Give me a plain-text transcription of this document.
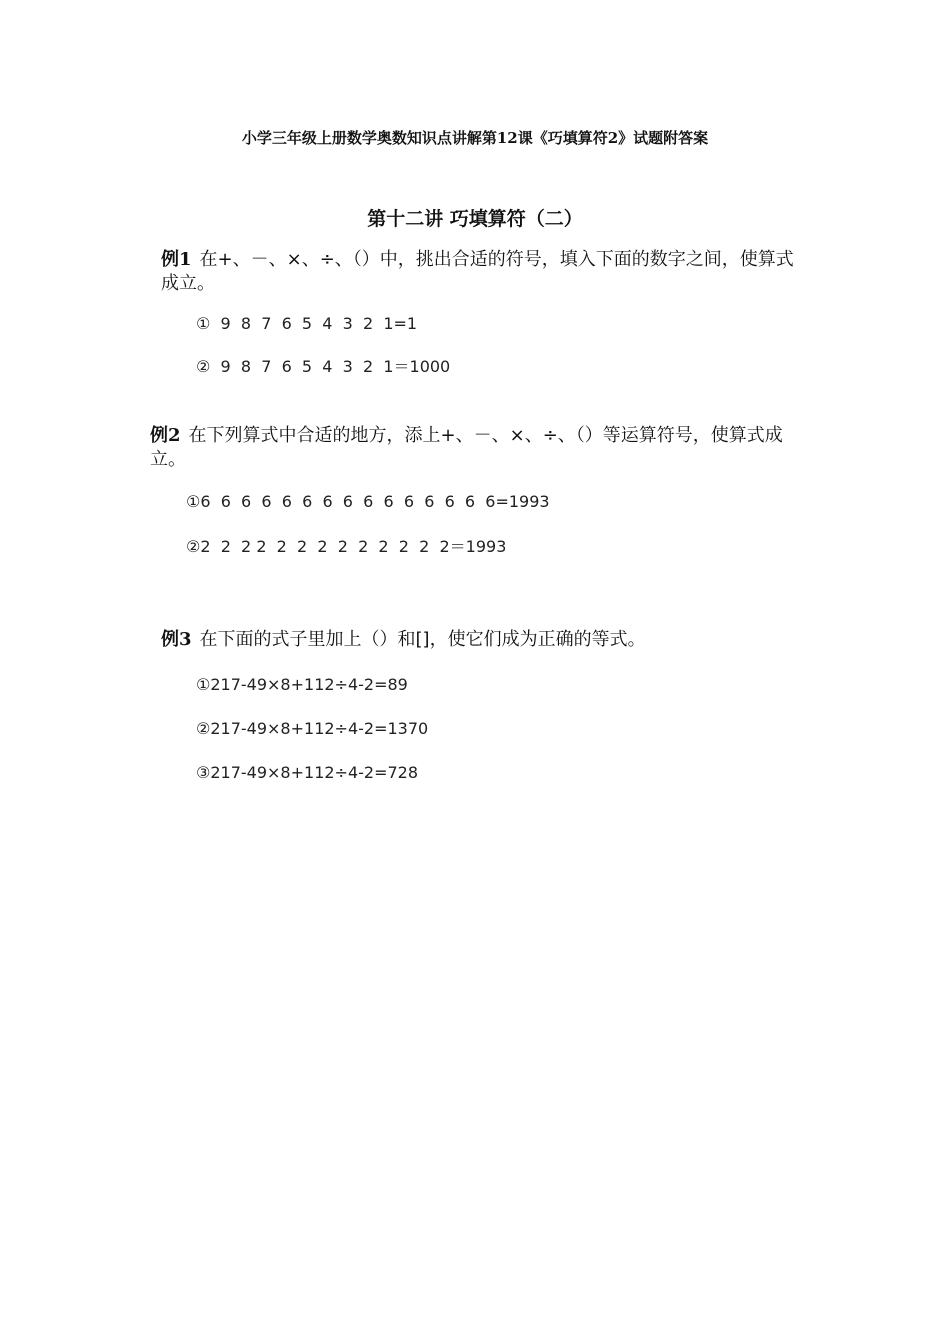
小学三年级上册数学奥数知识点讲解第12课《巧填算符2》试题附答案
第十二讲 巧填算符（二）
例1 在+、－、×、÷、（）中，挑出合适的符号，填入下面的数字之间，使算式成立。
①  9  8  7  6  5  4  3  2  1=1
②  9  8  7  6  5  4  3  2  1＝1000
例2 在下列算式中合适的地方，添上+、－、×、÷、（）等运算符号，使算式成立。
①6  6  6  6  6  6  6  6  6  6  6  6  6  6  6=1993
②2  2  2 2  2  2  2  2  2  2  2  2  2＝1993
例3 在下面的式子里加上（）和[]，使它们成为正确的等式。
①217-49×8+112÷4-2=89
②217-49×8+112÷4-2=1370
③217-49×8+112÷4-2=728
